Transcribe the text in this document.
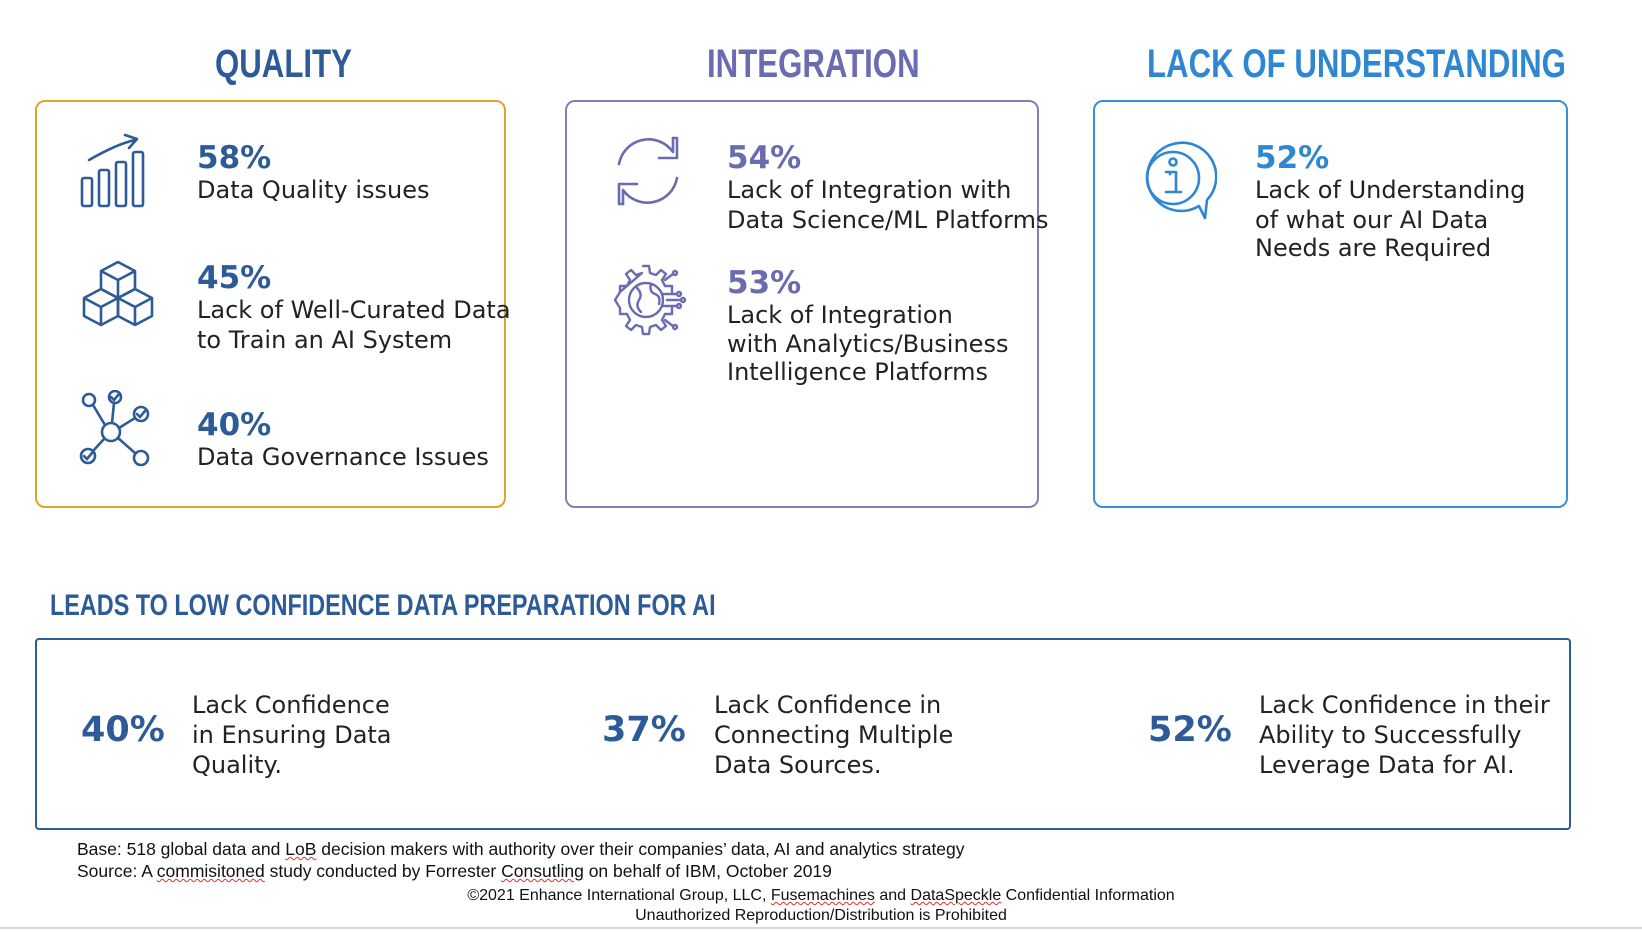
QUALITY	INTEGRATION	LACK OF UNDERSTANDING
58%
Data Quality issues
45%
Lack of Well-Curated Data
to Train an AI System
40%
Data Governance Issues
54%
Lack of Integration with
Data Science/ML Platforms
53%
Lack of Integration
with Analytics/Business
Intelligence Platforms
52%
Lack of Understanding
of what our AI Data
Needs are Required
LEADS TO LOW CONFIDENCE DATA PREPARATION FOR AI
40%
Lack Confidence
in Ensuring Data
Quality.
37%
Lack Confidence in
Connecting Multiple
Data Sources.
52%
Lack Confidence in their
Ability to Successfully
Leverage Data for AI.
Base: 518 global data and LoB decision makers with authority over their companies’ data, AI and analytics strategy
Source: A commisitoned study conducted by Forrester Consutling on behalf of IBM, October 2019
©2021 Enhance International Group, LLC, Fusemachines and DataSpeckle Confidential Information
Unauthorized Reproduction/Distribution is Prohibited
